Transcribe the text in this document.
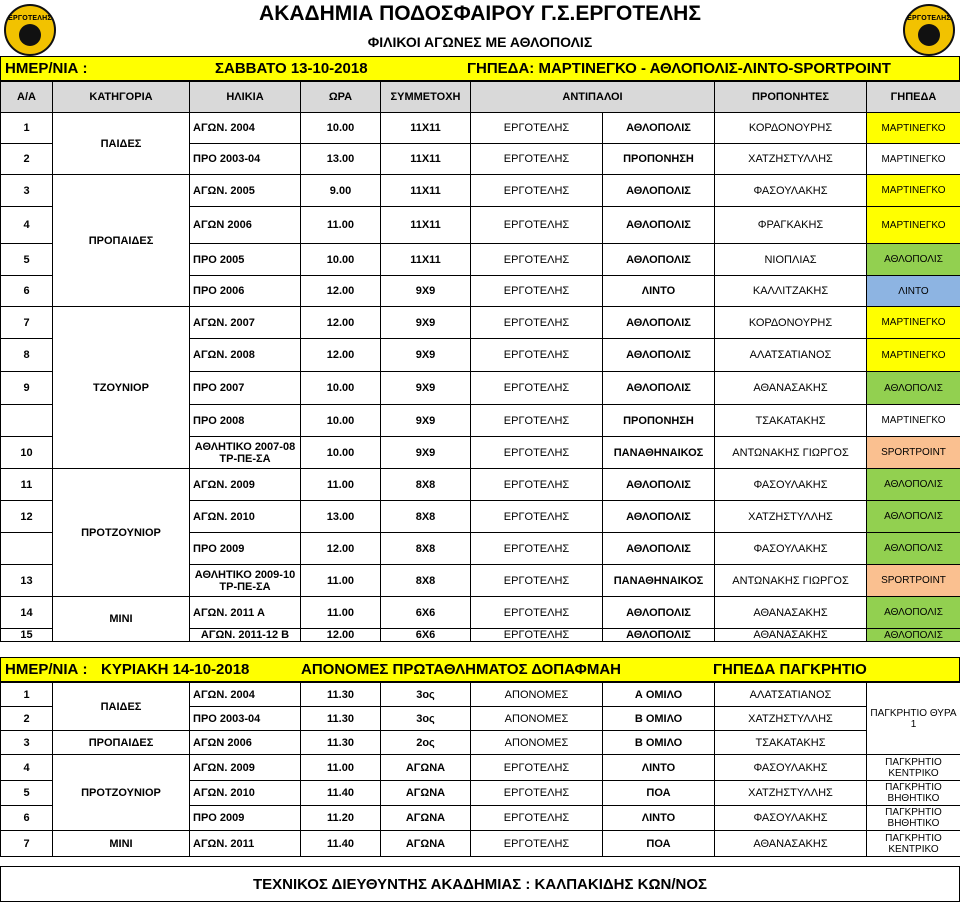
ΕΡΓΟΤΕΛΗΣ	ΕΡΓΟΤΕΛΗΣ
ΑΚΑΔΗΜΙΑ ΠΟΔΟΣΦΑΙΡΟΥ Γ.Σ.ΕΡΓΟΤΕΛΗΣ
ΦΙΛΙΚΟΙ ΑΓΩΝΕΣ ΜΕ ΑΘΛΟΠΟΛΙΣ
ΗΜΕΡ/ΝΙΑ :	ΣΑΒΒΑΤΟ 13-10-2018	ΓΗΠΕΔΑ: ΜΑΡΤΙΝΕΓΚΟ - ΑΘΛΟΠΟΛΙΣ-ΛΙΝΤΟ-SPORTPOINT
Α/Α	ΚΑΤΗΓΟΡΙΑ	ΗΛΙΚΙΑ	ΩΡΑ	ΣΥΜΜΕΤΟΧΗ	ΑΝΤΙΠΑΛΟΙ		ΠΡΟΠΟΝΗΤΕΣ	ΓΗΠΕΔΑ
1	ΠΑΙΔΕΣ	ΑΓΩΝ. 2004	10.00	11Χ11	ΕΡΓΟΤΕΛΗΣ	ΑΘΛΟΠΟΛΙΣ	ΚΟΡΔΟΝΟΥΡΗΣ	ΜΑΡΤΙΝΕΓΚΟ
2		ΠΡΟ 2003-04	13.00	11Χ11	ΕΡΓΟΤΕΛΗΣ	ΠΡΟΠΟΝΗΣΗ	ΧΑΤΖΗΣΤΥΛΛΗΣ	ΜΑΡΤΙΝΕΓΚΟ
3	ΠΡΟΠΑΙΔΕΣ	ΑΓΩΝ. 2005	9.00	11Χ11	ΕΡΓΟΤΕΛΗΣ	ΑΘΛΟΠΟΛΙΣ	ΦΑΣΟΥΛΑΚΗΣ	ΜΑΡΤΙΝΕΓΚΟ
4		ΑΓΩΝ 2006	11.00	11Χ11	ΕΡΓΟΤΕΛΗΣ	ΑΘΛΟΠΟΛΙΣ	ΦΡΑΓΚΑΚΗΣ	ΜΑΡΤΙΝΕΓΚΟ
5		ΠΡΟ 2005	10.00	11Χ11	ΕΡΓΟΤΕΛΗΣ	ΑΘΛΟΠΟΛΙΣ	ΝΙΟΠΛΙΑΣ	ΑΘΛΟΠΟΛΙΣ
6		ΠΡΟ 2006	12.00	9Χ9	ΕΡΓΟΤΕΛΗΣ	ΛΙΝΤΟ	ΚΑΛΛΙΤΖΑΚΗΣ	ΛΙΝΤΟ
7	ΤΖΟΥΝΙΟΡ	ΑΓΩΝ. 2007	12.00	9Χ9	ΕΡΓΟΤΕΛΗΣ	ΑΘΛΟΠΟΛΙΣ	ΚΟΡΔΟΝΟΥΡΗΣ	ΜΑΡΤΙΝΕΓΚΟ
8		ΑΓΩΝ. 2008	12.00	9Χ9	ΕΡΓΟΤΕΛΗΣ	ΑΘΛΟΠΟΛΙΣ	ΑΛΑΤΣΑΤΙΑΝΟΣ	ΜΑΡΤΙΝΕΓΚΟ
9		ΠΡΟ 2007	10.00	9Χ9	ΕΡΓΟΤΕΛΗΣ	ΑΘΛΟΠΟΛΙΣ	ΑΘΑΝΑΣΑΚΗΣ	ΑΘΛΟΠΟΛΙΣ
		ΠΡΟ 2008	10.00	9Χ9	ΕΡΓΟΤΕΛΗΣ	ΠΡΟΠΟΝΗΣΗ	ΤΣΑΚΑΤΑΚΗΣ	ΜΑΡΤΙΝΕΓΚΟ
10		ΑΘΛΗΤΙΚΟ 2007-08 ΤΡ-ΠΕ-ΣΑ	10.00	9Χ9	ΕΡΓΟΤΕΛΗΣ	ΠΑΝΑΘΗΝΑΙΚΟΣ	ΑΝΤΩΝΑΚΗΣ ΓΙΩΡΓΟΣ	SPORTPOINT
11	ΠΡΟΤΖΟΥΝΙΟΡ	ΑΓΩΝ. 2009	11.00	8Χ8	ΕΡΓΟΤΕΛΗΣ	ΑΘΛΟΠΟΛΙΣ	ΦΑΣΟΥΛΑΚΗΣ	ΑΘΛΟΠΟΛΙΣ
12		ΑΓΩΝ. 2010	13.00	8Χ8	ΕΡΓΟΤΕΛΗΣ	ΑΘΛΟΠΟΛΙΣ	ΧΑΤΖΗΣΤΥΛΛΗΣ	ΑΘΛΟΠΟΛΙΣ
		ΠΡΟ 2009	12.00	8Χ8	ΕΡΓΟΤΕΛΗΣ	ΑΘΛΟΠΟΛΙΣ	ΦΑΣΟΥΛΑΚΗΣ	ΑΘΛΟΠΟΛΙΣ
13		ΑΘΛΗΤΙΚΟ 2009-10 ΤΡ-ΠΕ-ΣΑ	11.00	8Χ8	ΕΡΓΟΤΕΛΗΣ	ΠΑΝΑΘΗΝΑΙΚΟΣ	ΑΝΤΩΝΑΚΗΣ ΓΙΩΡΓΟΣ	SPORTPOINT
14	ΜΙΝΙ	ΑΓΩΝ. 2011 Α	11.00	6Χ6	ΕΡΓΟΤΕΛΗΣ	ΑΘΛΟΠΟΛΙΣ	ΑΘΑΝΑΣΑΚΗΣ	ΑΘΛΟΠΟΛΙΣ
15		ΑΓΩΝ. 2011-12 Β	12.00	6Χ6	ΕΡΓΟΤΕΛΗΣ	ΑΘΛΟΠΟΛΙΣ	ΑΘΑΝΑΣΑΚΗΣ	ΑΘΛΟΠΟΛΙΣ
ΗΜΕΡ/ΝΙΑ : ΚΥΡΙΑΚΗ 14-10-2018	ΑΠΟΝΟΜΕΣ ΠΡΩΤΑΘΛΗΜΑΤΟΣ ΔΟΠΑΦΜΑΗ	ΓΗΠΕΔΑ ΠΑΓΚΡΗΤΙΟ
1	ΠΑΙΔΕΣ	ΑΓΩΝ. 2004	11.30	3ος	ΑΠΟΝΟΜΕΣ	Α ΟΜΙΛΟ	ΑΛΑΤΣΑΤΙΑΝΟΣ	ΠΑΓΚΡΗΤΙΟ ΘΥΡΑ 1
2		ΠΡΟ 2003-04	11.30	3ος	ΑΠΟΝΟΜΕΣ	Β ΟΜΙΛΟ	ΧΑΤΖΗΣΤΥΛΛΗΣ	
3	ΠΡΟΠΑΙΔΕΣ	ΑΓΩΝ 2006	11.30	2ος	ΑΠΟΝΟΜΕΣ	Β ΟΜΙΛΟ	ΤΣΑΚΑΤΑΚΗΣ	
4	ΠΡΟΤΖΟΥΝΙΟΡ	ΑΓΩΝ. 2009	11.00	ΑΓΩΝΑ	ΕΡΓΟΤΕΛΗΣ	ΛΙΝΤΟ	ΦΑΣΟΥΛΑΚΗΣ	ΠΑΓΚΡΗΤΙΟ ΚΕΝΤΡΙΚΟ
5		ΑΓΩΝ. 2010	11.40	ΑΓΩΝΑ	ΕΡΓΟΤΕΛΗΣ	ΠΟΑ	ΧΑΤΖΗΣΤΥΛΛΗΣ	ΠΑΓΚΡΗΤΙΟ ΒΗΘΗΤΙΚΟ
6		ΠΡΟ 2009	11.20	ΑΓΩΝΑ	ΕΡΓΟΤΕΛΗΣ	ΛΙΝΤΟ	ΦΑΣΟΥΛΑΚΗΣ	ΠΑΓΚΡΗΤΙΟ ΒΗΘΗΤΙΚΟ
7	ΜΙΝΙ	ΑΓΩΝ. 2011	11.40	ΑΓΩΝΑ	ΕΡΓΟΤΕΛΗΣ	ΠΟΑ	ΑΘΑΝΑΣΑΚΗΣ	ΠΑΓΚΡΗΤΙΟ ΚΕΝΤΡΙΚΟ
ΤΕΧΝΙΚΟΣ ΔΙΕΥΘΥΝΤΗΣ ΑΚΑΔΗΜΙΑΣ : ΚΑΛΠΑΚΙΔΗΣ ΚΩΝ/ΝΟΣ
